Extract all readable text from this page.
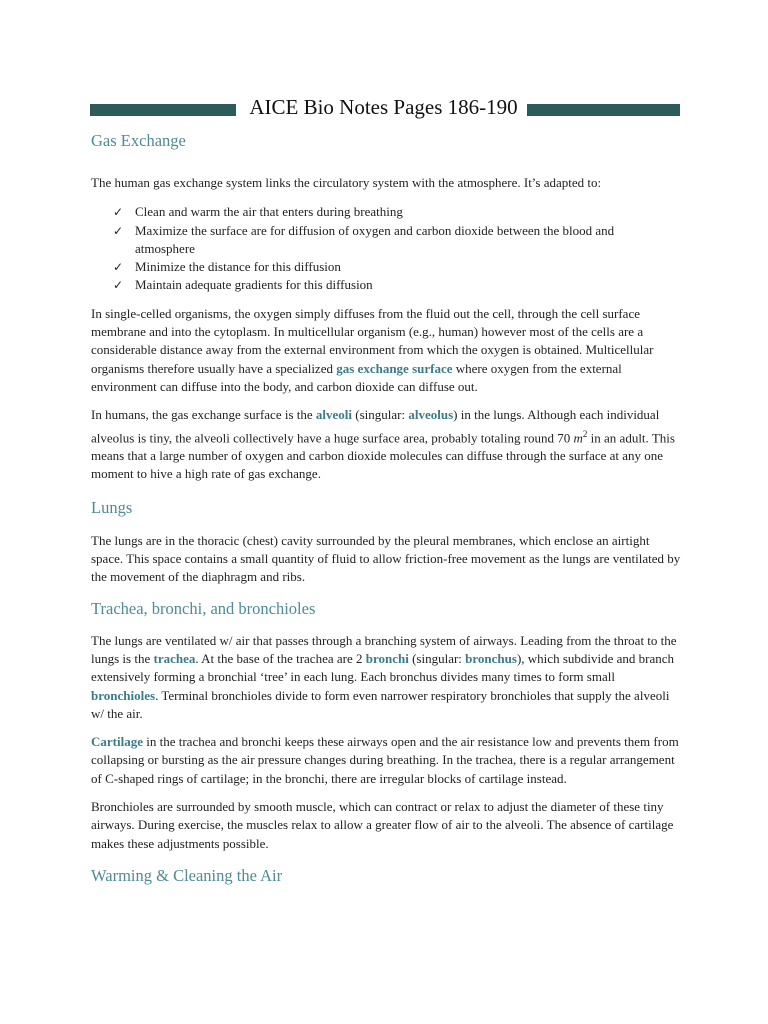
AICE Bio Notes Pages 186-190
Gas Exchange

The human gas exchange system links the circulatory system with the atmosphere. It’s adapted to:

✓ Clean and warm the air that enters during breathing
✓ Maximize the surface are for diffusion of oxygen and carbon dioxide between the blood and atmosphere
✓ Minimize the distance for this diffusion
✓ Maintain adequate gradients for this diffusion

In single-celled organisms, the oxygen simply diffuses from the fluid out the cell, through the cell surface membrane and into the cytoplasm. In multicellular organism (e.g., human) however most of the cells are a considerable distance away from the external environment from which the oxygen is obtained. Multicellular organisms therefore usually have a specialized gas exchange surface where oxygen from the external environment can diffuse into the body, and carbon dioxide can diffuse out.

In humans, the gas exchange surface is the alveoli (singular: alveolus) in the lungs. Although each individual alveolus is tiny, the alveoli collectively have a huge surface area, probably totaling round 70 $m^2$ in an adult. This means that a large number of oxygen and carbon dioxide molecules can diffuse through the surface at any one moment to hive a high rate of gas exchange.

Lungs

The lungs are in the thoracic (chest) cavity surrounded by the pleural membranes, which enclose an airtight space. This space contains a small quantity of fluid to allow friction-free movement as the lungs are ventilated by the movement of the diaphragm and ribs.

Trachea, bronchi, and bronchioles

The lungs are ventilated w/ air that passes through a branching system of airways. Leading from the throat to the lungs is the trachea. At the base of the trachea are 2 bronchi (singular: bronchus), which subdivide and branch extensively forming a bronchial ‘tree’ in each lung. Each bronchus divides many times to form small bronchioles. Terminal bronchioles divide to form even narrower respiratory bronchioles that supply the alveoli w/ the air.

Cartilage in the trachea and bronchi keeps these airways open and the air resistance low and prevents them from collapsing or bursting as the air pressure changes during breathing. In the trachea, there is a regular arrangement of C-shaped rings of cartilage; in the bronchi, there are irregular blocks of cartilage instead.

Bronchioles are surrounded by smooth muscle, which can contract or relax to adjust the diameter of these tiny airways. During exercise, the muscles relax to allow a greater flow of air to the alveoli. The absence of cartilage makes these adjustments possible.

Warming & Cleaning the Air
